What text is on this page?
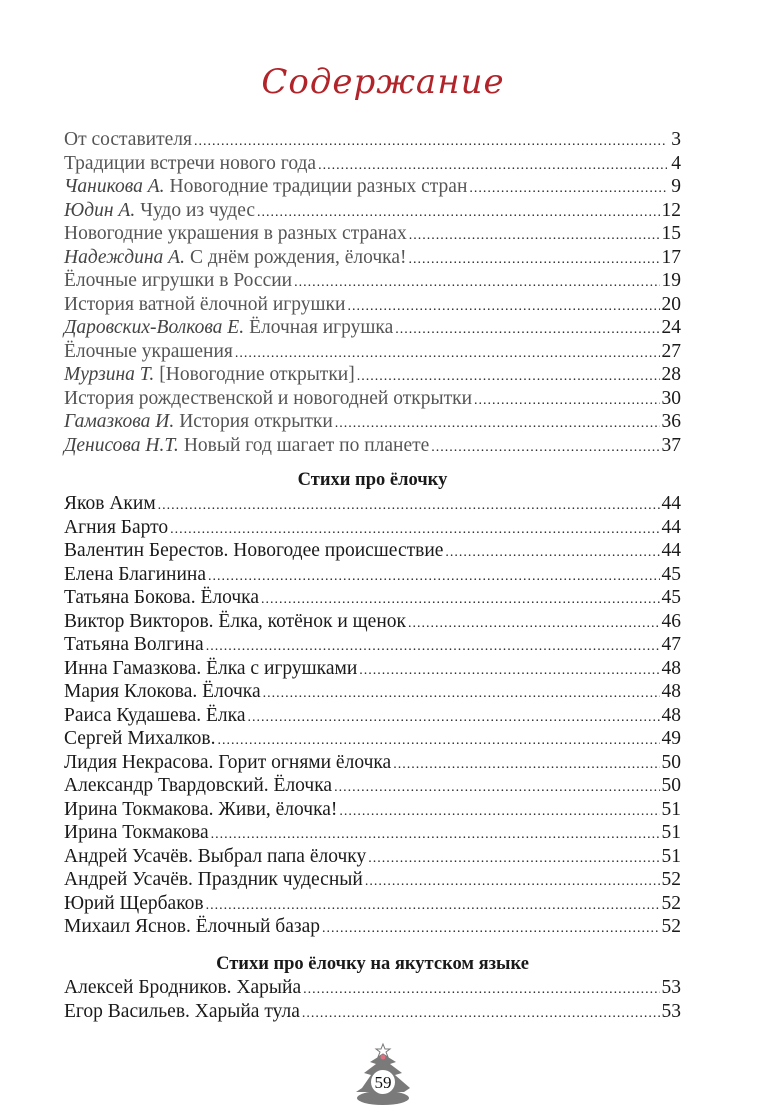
Содержание
От составителя .....	3
Традиции встречи нового года .....	4
Чаникова А. Новогодние традиции разных стран .....	9
Юдин А. Чудо из чудес .....	12
Новогодние украшения в разных странах .....	15
Надеждина А. С днём рождения, ёлочка! .....	17
Ёлочные игрушки в России .....	19
История ватной ёлочной игрушки .....	20
Даровских-Волкова Е. Ёлочная игрушка .....	24
Ёлочные украшения .....	27
Мурзина Т. [Новогодние открытки] .....	28
История рождественской и новогодней открытки .....	30
Гамазкова И. История открытки .....	36
Денисова Н.Т. Новый год шагает по планете .....	37
Стихи про ёлочку
Яков Аким .....	44
Агния Барто .....	44
Валентин Берестов. Новогодее происшествие .....	44
Елена Благинина .....	45
Татьяна Бокова. Ёлочка .....	45
Виктор Викторов. Ёлка, котёнок и щенок .....	46
Татьяна Волгина .....	47
Инна Гамазкова. Ёлка с игрушками .....	48
Мария Клокова. Ёлочка .....	48
Раиса Кудашева. Ёлка .....	48
Сергей Михалков. .....	49
Лидия Некрасова. Горит огнями ёлочка .....	50
Александр Твардовский. Ёлочка .....	50
Ирина Токмакова. Живи, ёлочка! .....	51
Ирина Токмакова .....	51
Андрей Усачёв. Выбрал папа ёлочку .....	51
Андрей Усачёв. Праздник чудесный .....	52
Юрий Щербаков .....	52
Михаил Яснов. Ёлочный базар .....	52
Стихи про ёлочку на якутском языке
Алексей Бродников. Харыйа .....	53
Егор Васильев. Харыйа тула .....	53
59
